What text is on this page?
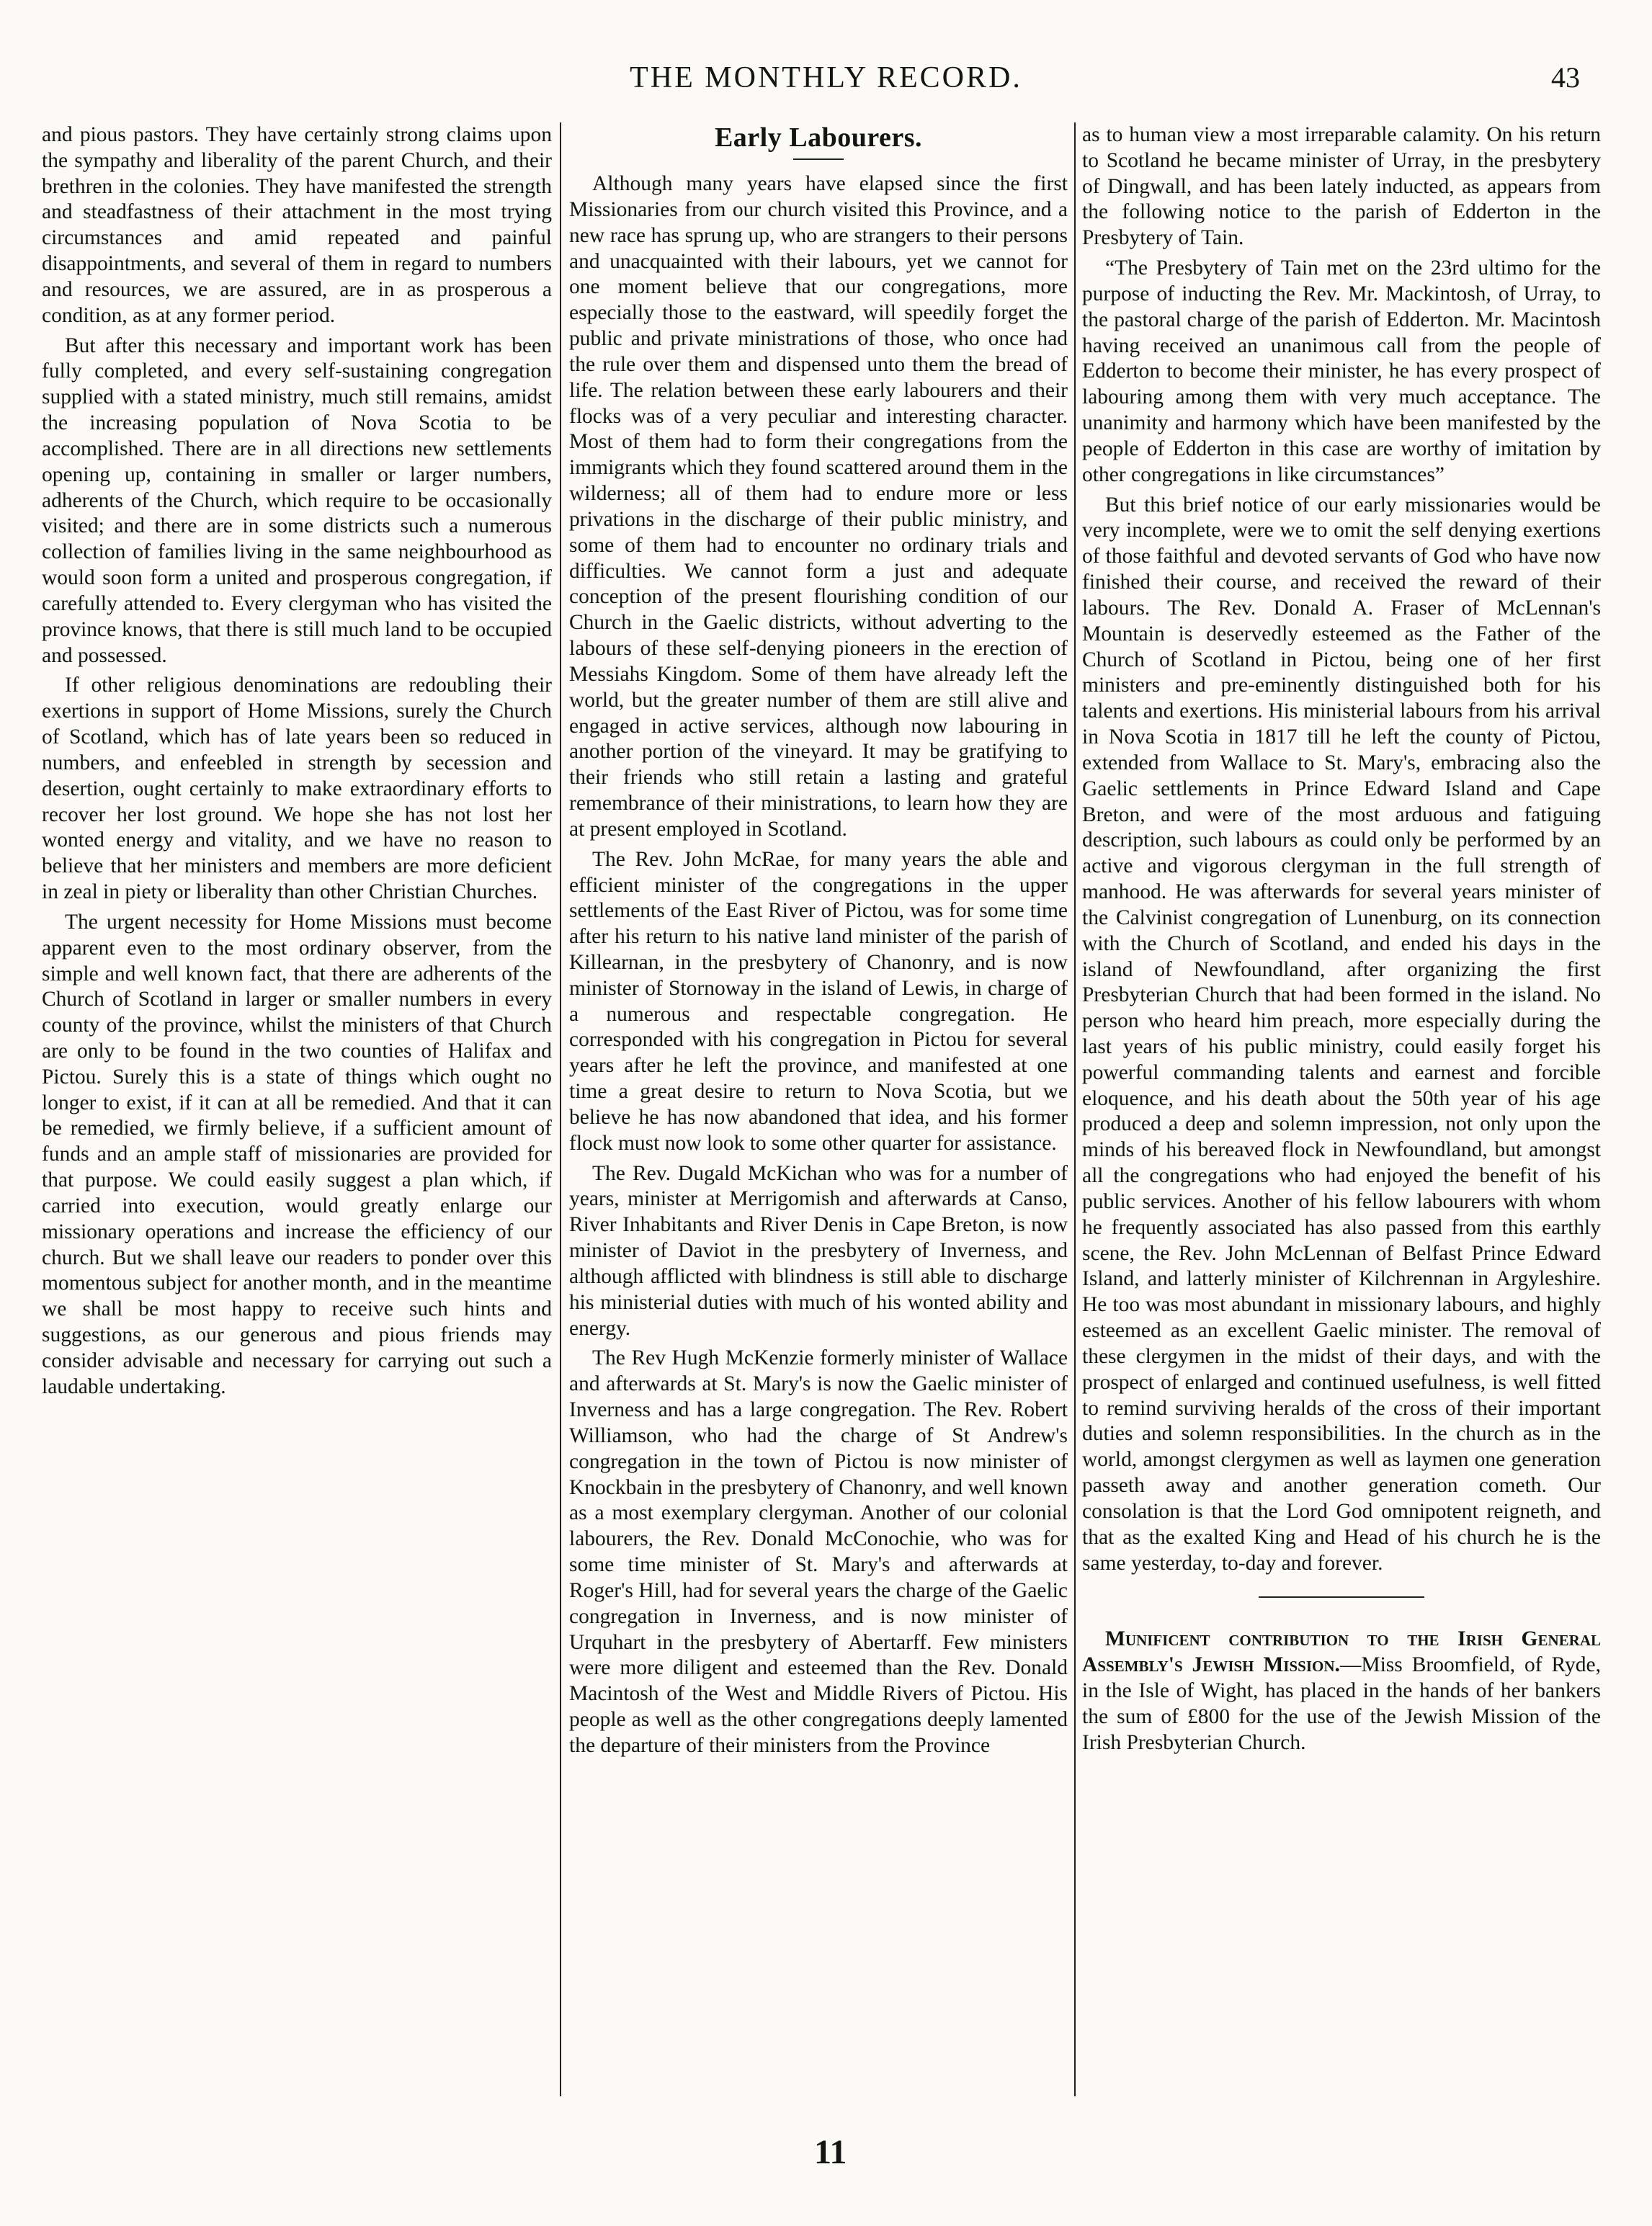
THE MONTHLY RECORD.	43

and pious pastors. They have certainly strong claims upon the sympathy and liberality of the parent Church, and their brethren in the colonies. They have manifested the strength and steadfastness of their attachment in the most trying circumstances and amid repeated and painful disappointments, and several of them in regard to numbers and resources, we are assured, are in as prosperous a condition, as at any former period.

But after this necessary and important work has been fully completed, and every self-sustaining congregation supplied with a stated ministry, much still remains, amidst the increasing population of Nova Scotia to be accomplished. There are in all directions new settlements opening up, containing in smaller or larger numbers, adherents of the Church, which require to be occasionally visited; and there are in some districts such a numerous collection of families living in the same neighbourhood as would soon form a united and prosperous congregation, if carefully attended to. Every clergyman who has visited the province knows, that there is still much land to be occupied and possessed.

If other religious denominations are redoubling their exertions in support of Home Missions, surely the Church of Scotland, which has of late years been so reduced in numbers, and enfeebled in strength by secession and desertion, ought certainly to make extraordinary efforts to recover her lost ground. We hope she has not lost her wonted energy and vitality, and we have no reason to believe that her ministers and members are more deficient in zeal in piety or liberality than other Christian Churches.

The urgent necessity for Home Missions must become apparent even to the most ordinary observer, from the simple and well known fact, that there are adherents of the Church of Scotland in larger or smaller numbers in every county of the province, whilst the ministers of that Church are only to be found in the two counties of Halifax and Pictou. Surely this is a state of things which ought no longer to exist, if it can at all be remedied. And that it can be remedied, we firmly believe, if a sufficient amount of funds and an ample staff of missionaries are provided for that purpose. We could easily suggest a plan which, if carried into execution, would greatly enlarge our missionary operations and increase the efficiency of our church. But we shall leave our readers to ponder over this momentous subject for another month, and in the meantime we shall be most happy to receive such hints and suggestions, as our generous and pious friends may consider advisable and necessary for carrying out such a laudable undertaking.

Early Labourers.

Although many years have elapsed since the first Missionaries from our church visited this Province, and a new race has sprung up, who are strangers to their persons and unacquainted with their labours, yet we cannot for one moment believe that our congregations, more especially those to the eastward, will speedily forget the public and private ministrations of those, who once had the rule over them and dispensed unto them the bread of life. The relation between these early labourers and their flocks was of a very peculiar and interesting character. Most of them had to form their congregations from the immigrants which they found scattered around them in the wilderness; all of them had to endure more or less privations in the discharge of their public ministry, and some of them had to encounter no ordinary trials and difficulties. We cannot form a just and adequate conception of the present flourishing condition of our Church in the Gaelic districts, without adverting to the labours of these self-denying pioneers in the erection of Messiahs Kingdom. Some of them have already left the world, but the greater number of them are still alive and engaged in active services, although now labouring in another portion of the vineyard. It may be gratifying to their friends who still retain a lasting and grateful remembrance of their ministrations, to learn how they are at present employed in Scotland.

The Rev. John McRae, for many years the able and efficient minister of the congregations in the upper settlements of the East River of Pictou, was for some time after his return to his native land minister of the parish of Killearnan, in the presbytery of Chanonry, and is now minister of Stornoway in the island of Lewis, in charge of a numerous and respectable congregation. He corresponded with his congregation in Pictou for several years after he left the province, and manifested at one time a great desire to return to Nova Scotia, but we believe he has now abandoned that idea, and his former flock must now look to some other quarter for assistance.

The Rev. Dugald McKichan who was for a number of years, minister at Merrigomish and afterwards at Canso, River Inhabitants and River Denis in Cape Breton, is now minister of Daviot in the presbytery of Inverness, and although afflicted with blindness is still able to discharge his ministerial duties with much of his wonted ability and energy.

The Rev Hugh McKenzie formerly minister of Wallace and afterwards at St. Mary's is now the Gaelic minister of Inverness and has a large congregation. The Rev. Robert Williamson, who had the charge of St Andrew's congregation in the town of Pictou is now minister of Knockbain in the presbytery of Chanonry, and well known as a most exemplary clergyman. Another of our colonial labourers, the Rev. Donald McConochie, who was for some time minister of St. Mary's and afterwards at Roger's Hill, had for several years the charge of the Gaelic congregation in Inverness, and is now minister of Urquhart in the presbytery of Abertarff. Few ministers were more diligent and esteemed than the Rev. Donald Macintosh of the West and Middle Rivers of Pictou. His people as well as the other congregations deeply lamented the departure of their ministers from the Province

as to human view a most irreparable calamity. On his return to Scotland he became minister of Urray, in the presbytery of Dingwall, and has been lately inducted, as appears from the following notice to the parish of Edderton in the Presbytery of Tain.

“The Presbytery of Tain met on the 23rd ultimo for the purpose of inducting the Rev. Mr. Mackintosh, of Urray, to the pastoral charge of the parish of Edderton. Mr. Macintosh having received an unanimous call from the people of Edderton to become their minister, he has every prospect of labouring among them with very much acceptance. The unanimity and harmony which have been manifested by the people of Edderton in this case are worthy of imitation by other congregations in like circumstances”

But this brief notice of our early missionaries would be very incomplete, were we to omit the self denying exertions of those faithful and devoted servants of God who have now finished their course, and received the reward of their labours. The Rev. Donald A. Fraser of McLennan's Mountain is deservedly esteemed as the Father of the Church of Scotland in Pictou, being one of her first ministers and pre-eminently distinguished both for his talents and exertions. His ministerial labours from his arrival in Nova Scotia in 1817 till he left the county of Pictou, extended from Wallace to St. Mary's, embracing also the Gaelic settlements in Prince Edward Island and Cape Breton, and were of the most arduous and fatiguing description, such labours as could only be performed by an active and vigorous clergyman in the full strength of manhood. He was afterwards for several years minister of the Calvinist congregation of Lunenburg, on its connection with the Church of Scotland, and ended his days in the island of Newfoundland, after organizing the first Presbyterian Church that had been formed in the island. No person who heard him preach, more especially during the last years of his public ministry, could easily forget his powerful commanding talents and earnest and forcible eloquence, and his death about the 50th year of his age produced a deep and solemn impression, not only upon the minds of his bereaved flock in Newfoundland, but amongst all the congregations who had enjoyed the benefit of his public services. Another of his fellow labourers with whom he frequently associated has also passed from this earthly scene, the Rev. John McLennan of Belfast Prince Edward Island, and latterly minister of Kilchrennan in Argyleshire. He too was most abundant in missionary labours, and highly esteemed as an excellent Gaelic minister. The removal of these clergymen in the midst of their days, and with the prospect of enlarged and continued usefulness, is well fitted to remind surviving heralds of the cross of their important duties and solemn responsibilities. In the church as in the world, amongst clergymen as well as laymen one generation passeth away and another generation cometh. Our consolation is that the Lord God omnipotent reigneth, and that as the exalted King and Head of his church he is the same yesterday, to-day and forever.

Munificent contribution to the Irish General Assembly's Jewish Mission.—Miss Broomfield, of Ryde, in the Isle of Wight, has placed in the hands of her bankers the sum of £800 for the use of the Jewish Mission of the Irish Presbyterian Church.

11
